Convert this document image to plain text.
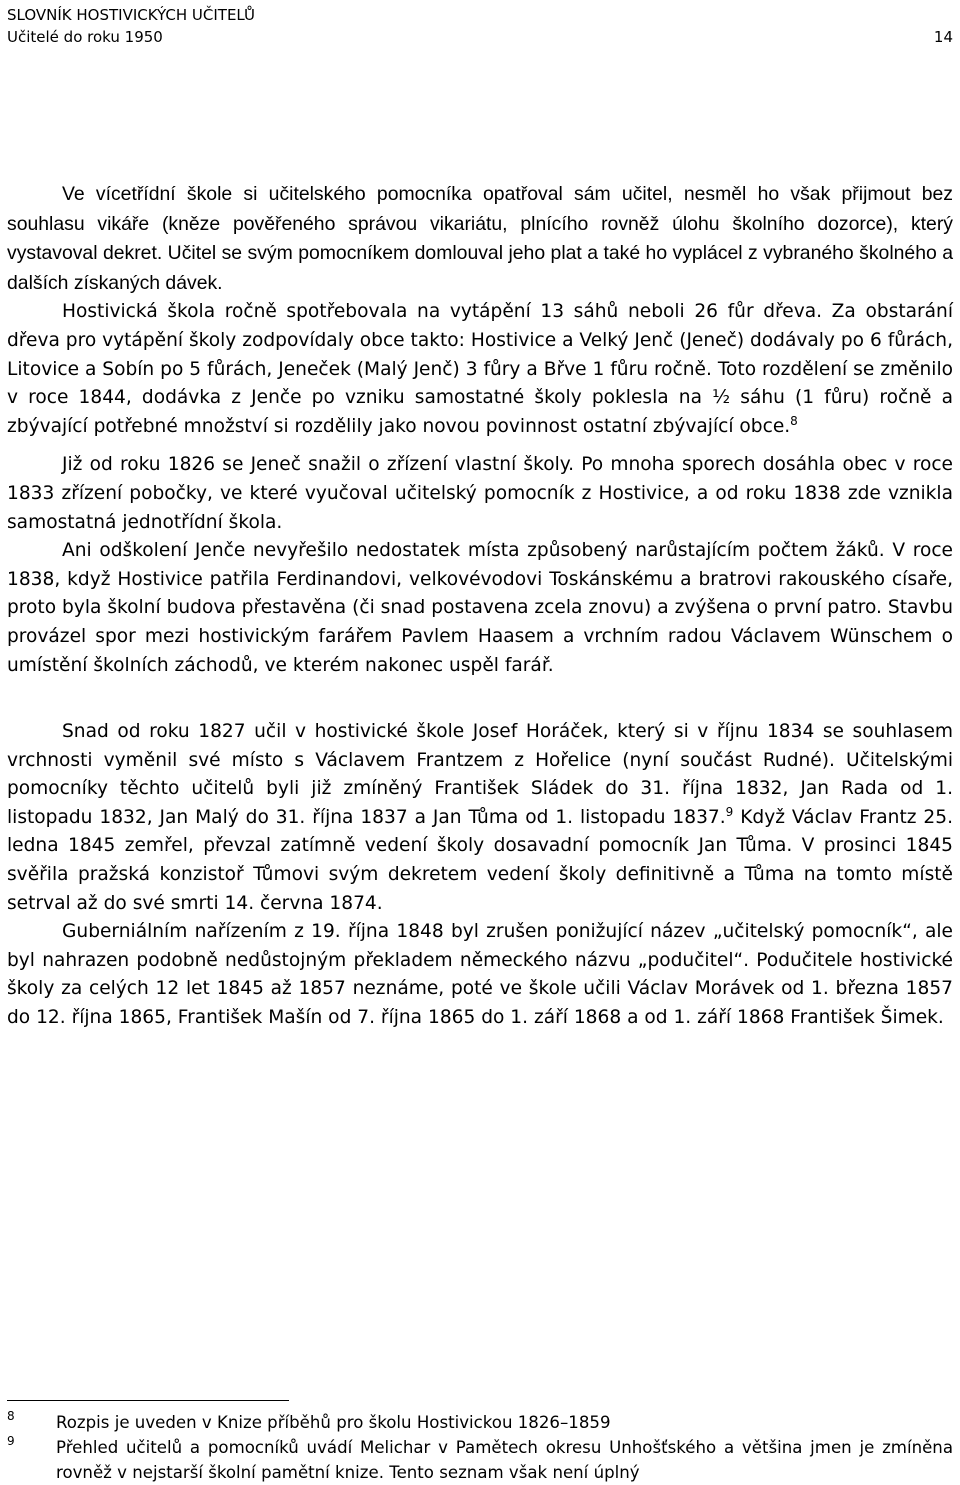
SLOVNÍK HOSTIVICKÝCH UČITELŮ
Učitelé do roku 1950	14

Ve vícetřídní škole si učitelského pomocníka opatřoval sám učitel, nesměl ho však přijmout bez souhlasu vikáře (kněze pověřeného správou vikariátu, plnícího rovněž úlohu školního dozorce), který vystavoval dekret. Učitel se svým pomocníkem domlouval jeho plat a také ho vyplácel z vybraného školného a dalších získaných dávek.

Hostivická škola ročně spotřebovala na vytápění 13 sáhů neboli 26 fůr dřeva. Za obstarání dřeva pro vytápění školy zodpovídaly obce takto: Hostivice a Velký Jenč (Jeneč) dodávaly po 6 fůrách, Litovice a Sobín po 5 fůrách, Jeneček (Malý Jenč) 3 fůry a Břve 1 fůru ročně. Toto rozdělení se změnilo v roce 1844, dodávka z Jenče po vzniku samostatné školy poklesla na ½ sáhu (1 fůru) ročně a zbývající potřebné množství si rozdělily jako novou povinnost ostatní zbývající obce.$^8$

Již od roku 1826 se Jeneč snažil o zřízení vlastní školy. Po mnoha sporech dosáhla obec v roce 1833 zřízení pobočky, ve které vyučoval učitelský pomocník z Hostivice, a od roku 1838 zde vznikla samostatná jednotřídní škola.

Ani odškolení Jenče nevyřešilo nedostatek místa způsobený narůstajícím počtem žáků. V roce 1838, když Hostivice patřila Ferdinandovi, velkovévodovi Toskánskému a bratrovi rakouského císaře, proto byla školní budova přestavěna (či snad postavena zcela znovu) a zvýšena o první patro. Stavbu provázel spor mezi hostivickým farářem Pavlem Haasem a vrchním radou Václavem Wünschem o umístění školních záchodů, ve kterém nakonec uspěl farář.

Snad od roku 1827 učil v hostivické škole Josef Horáček, který si v říjnu 1834 se souhlasem vrchnosti vyměnil své místo s Václavem Frantzem z Hořelice (nyní součást Rudné). Učitelskými pomocníky těchto učitelů byli již zmíněný František Sládek do 31. října 1832, Jan Rada od 1. listopadu 1832, Jan Malý do 31. října 1837 a Jan Tůma od 1. listopadu 1837.$^9$ Když Václav Frantz 25. ledna 1845 zemřel, převzal zatímně vedení školy dosavadní pomocník Jan Tůma. V prosinci 1845 svěřila pražská konzistoř Tůmovi svým dekretem vedení školy definitivně a Tůma na tomto místě setrval až do své smrti 14. června 1874.

Guberniálním nařízením z 19. října 1848 byl zrušen ponižující název „učitelský pomocník“, ale byl nahrazen podobně nedůstojným překladem německého názvu „podučitel“. Podučitele hostivické školy za celých 12 let 1845 až 1857 neznáme, poté ve škole učili Václav Morávek od 1. března 1857 do 12. října 1865, František Mašín od 7. října 1865 do 1. září 1868 a od 1. září 1868 František Šimek.

8 Rozpis je uveden v Knize příběhů pro školu Hostivickou 1826–1859
9 Přehled učitelů a pomocníků uvádí Melichar v Pamětech okresu Unhošťského a většina jmen je zmíněna rovněž v nejstarší školní pamětní knize. Tento seznam však není úplný
